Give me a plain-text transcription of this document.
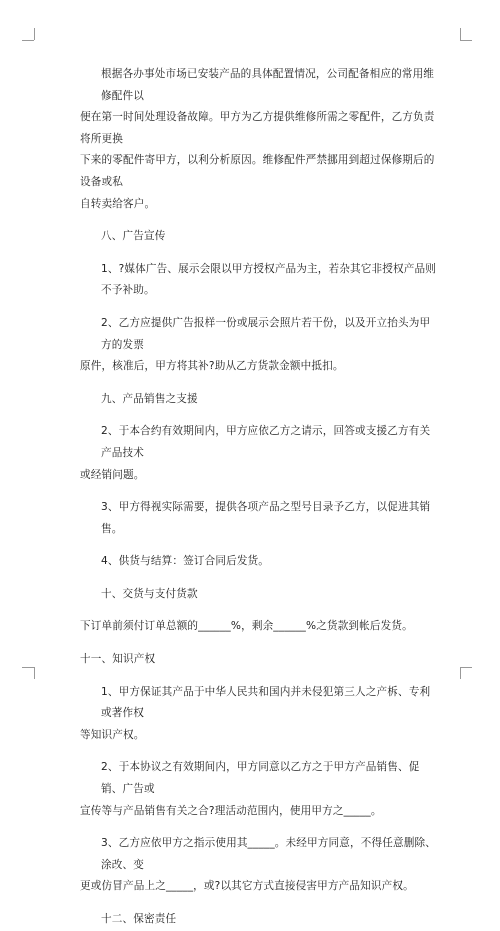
根据各办事处市场已安装产品的具体配置情况，公司配备相应的常用维修配件以

便在第一时间处理设备故障。甲方为乙方提供维修所需之零配件，乙方负责将所更换

下来的零配件寄甲方，以利分析原因。维修配件严禁挪用到超过保修期后的设备或私

自转卖给客户。

八、广告宣传

1、?媒体广告、展示会限以甲方授权产品为主，若杂其它非授权产品则不予补助。

2、乙方应提供广告报样一份或展示会照片若干份，以及开立抬头为甲方的发票

原件，核准后，甲方将其补?助从乙方货款金额中抵扣。

九、产品销售之支援

2、于本合约有效期间内，甲方应依乙方之请示，回答或支援乙方有关产品技术

或经销问题。

3、甲方得视实际需要，提供各项产品之型号目录予乙方，以促进其销售。

4、供货与结算：签订合同后发货。

十、交货与支付货款

下订单前须付订单总额的______%，剩余______%之货款到帐后发货。

十一、知识产权

1、甲方保证其产品于中华人民共和国内并未侵犯第三人之产柝、专利或著作权

等知识产权。

2、于本协议之有效期间内，甲方同意以乙方之于甲方产品销售、促销、广告或

宣传等与产品销售有关之合?理活动范围内，使用甲方之_____。

3、乙方应依甲方之指示使用其_____。未经甲方同意，不得任意删除、涂改、变

更或仿冒产品上之_____，或?以其它方式直接侵害甲方产品知识产权。

十二、保密责任
